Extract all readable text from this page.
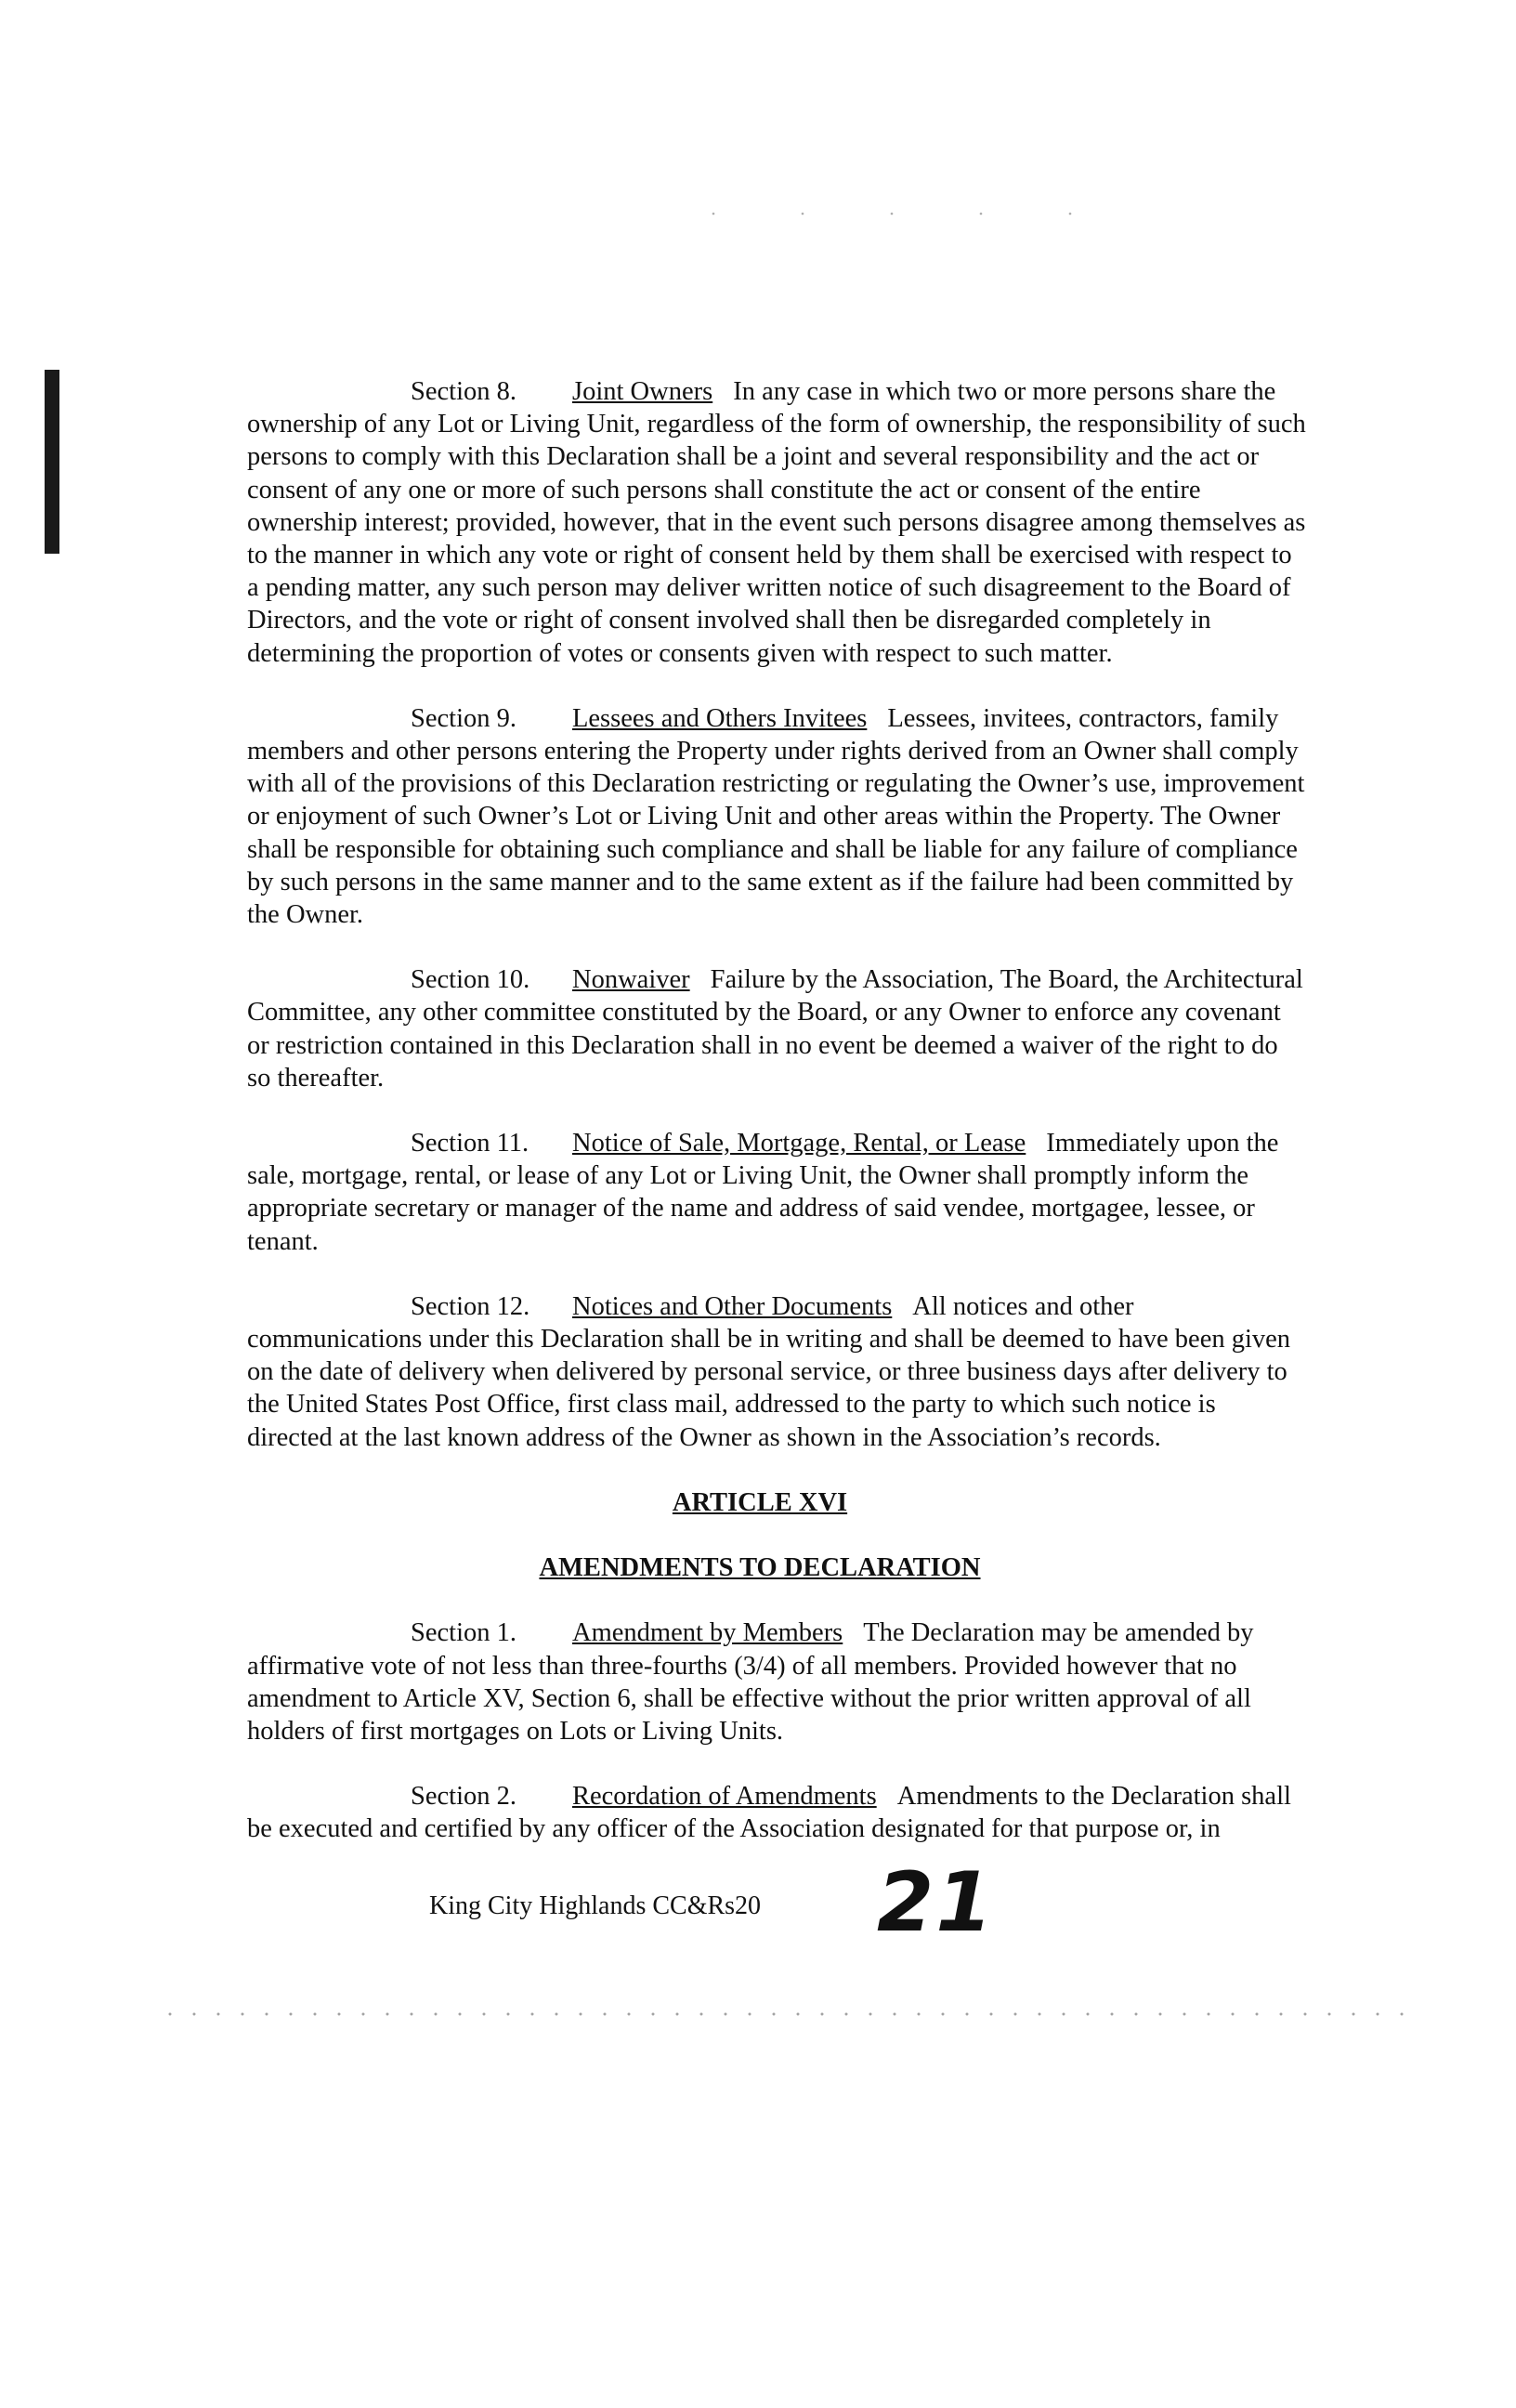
Section 8. Joint Owners In any case in which two or more persons share the ownership of any Lot or Living Unit, regardless of the form of ownership, the responsibility of such persons to comply with this Declaration shall be a joint and several responsibility and the act or consent of any one or more of such persons shall constitute the act or consent of the entire ownership interest; provided, however, that in the event such persons disagree among themselves as to the manner in which any vote or right of consent held by them shall be exercised with respect to a pending matter, any such person may deliver written notice of such disagreement to the Board of Directors, and the vote or right of consent involved shall then be disregarded completely in determining the proportion of votes or consents given with respect to such matter.

Section 9. Lessees and Others Invitees Lessees, invitees, contractors, family members and other persons entering the Property under rights derived from an Owner shall comply with all of the provisions of this Declaration restricting or regulating the Owner’s use, improvement or enjoyment of such Owner’s Lot or Living Unit and other areas within the Property. The Owner shall be responsible for obtaining such compliance and shall be liable for any failure of compliance by such persons in the same manner and to the same extent as if the failure had been committed by the Owner.

Section 10. Nonwaiver Failure by the Association, The Board, the Architectural Committee, any other committee constituted by the Board, or any Owner to enforce any covenant or restriction contained in this Declaration shall in no event be deemed a waiver of the right to do so thereafter.

Section 11. Notice of Sale, Mortgage, Rental, or Lease Immediately upon the sale, mortgage, rental, or lease of any Lot or Living Unit, the Owner shall promptly inform the appropriate secretary or manager of the name and address of said vendee, mortgagee, lessee, or tenant.

Section 12. Notices and Other Documents All notices and other communications under this Declaration shall be in writing and shall be deemed to have been given on the date of delivery when delivered by personal service, or three business days after delivery to the United States Post Office, first class mail, addressed to the party to which such notice is directed at the last known address of the Owner as shown in the Association’s records.

ARTICLE XVI
AMENDMENTS TO DECLARATION

Section 1. Amendment by Members The Declaration may be amended by affirmative vote of not less than three-fourths (3/4) of all members. Provided however that no amendment to Article XV, Section 6, shall be effective without the prior written approval of all holders of first mortgages on Lots or Living Units.

Section 2. Recordation of Amendments Amendments to the Declaration shall be executed and certified by any officer of the Association designated for that purpose or, in

King City Highlands CC&Rs20 21
